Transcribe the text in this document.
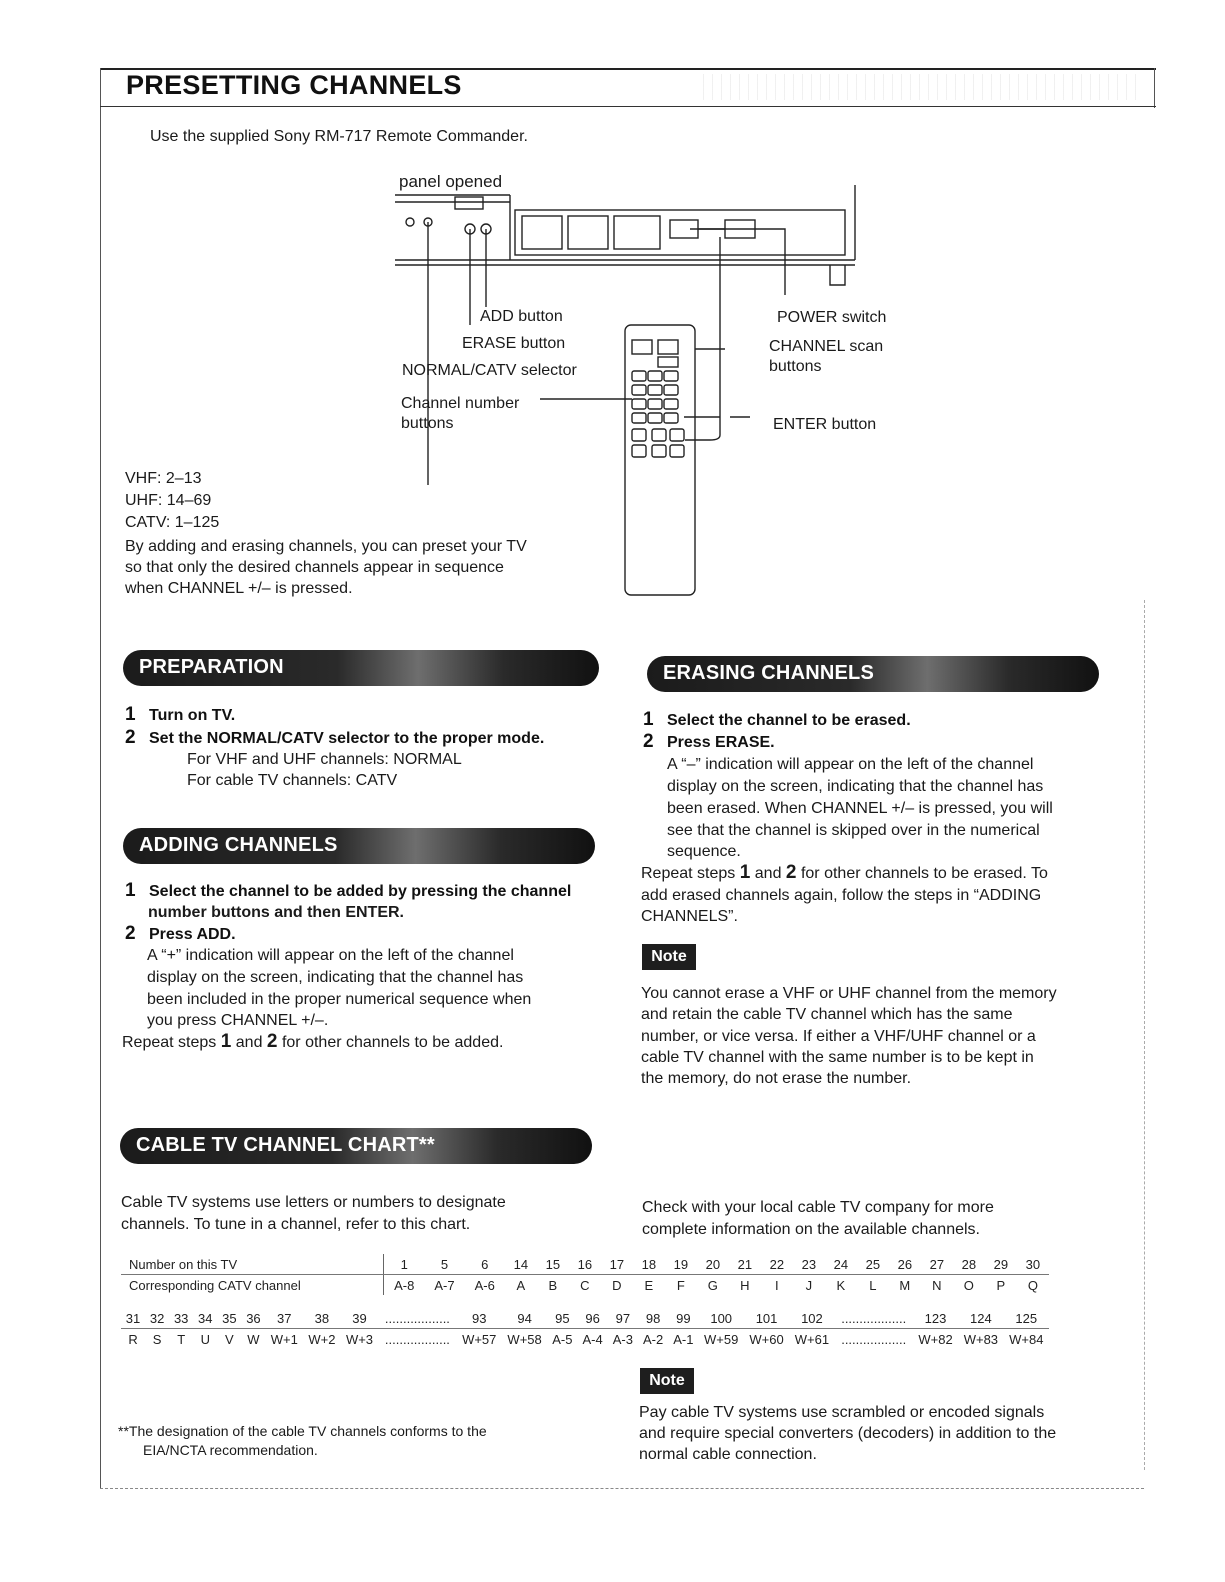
PRESETTING CHANNELS
Use the supplied Sony RM-717 Remote Commander.
panel opened
ADD button
ERASE button
NORMAL/CATV selector
Channel number
buttons
POWER switch
CHANNEL scan
buttons
ENTER button
VHF: 2–13
UHF: 14–69
CATV: 1–125
By adding and erasing channels, you can preset your TV
so that only the desired channels appear in sequence
when CHANNEL +/– is pressed.
PREPARATION
1 Turn on TV.
2 Set the NORMAL/CATV selector to the proper mode.
For VHF and UHF channels: NORMAL
For cable TV channels: CATV
ADDING CHANNELS
1 Select the channel to be added by pressing the channel
number buttons and then ENTER.
2 Press ADD.
A “+” indication will appear on the left of the channel
display on the screen, indicating that the channel has
been included in the proper numerical sequence when
you press CHANNEL +/–.
Repeat steps 1 and 2 for other channels to be added.
ERASING CHANNELS
1 Select the channel to be erased.
2 Press ERASE.
A “–” indication will appear on the left of the channel
display on the screen, indicating that the channel has
been erased. When CHANNEL +/– is pressed, you will
see that the channel is skipped over in the numerical
sequence.
Repeat steps 1 and 2 for other channels to be erased. To
add erased channels again, follow the steps in “ADDING
CHANNELS”.
Note
You cannot erase a VHF or UHF channel from the memory
and retain the cable TV channel which has the same
number, or vice versa. If either a VHF/UHF channel or a
cable TV channel with the same number is to be kept in
the memory, do not erase the number.
CABLE TV CHANNEL CHART**
Cable TV systems use letters or numbers to designate
channels. To tune in a channel, refer to this chart.
Check with your local cable TV company for more
complete information on the available channels.
Number on this TV	1	5	6	14	15	16	17	18	19	20	21	22	23	24	25	26	27	28	29	30
Corresponding CATV channel	A-8	A-7	A-6	A	B	C	D	E	F	G	H	I	J	K	L	M	N	O	P	Q
31	32	33	34	35	36	37	38	39	..................	93	94	95	96	97	98	99	100	101	102	..................	123	124	125
R	S	T	U	V	W	W+1	W+2	W+3	..................	W+57	W+58	A-5	A-4	A-3	A-2	A-1	W+59	W+60	W+61	..................	W+82	W+83	W+84
Note
Pay cable TV systems use scrambled or encoded signals
and require special converters (decoders) in addition to the
normal cable connection.
**The designation of the cable TV channels conforms to the
EIA/NCTA recommendation.
